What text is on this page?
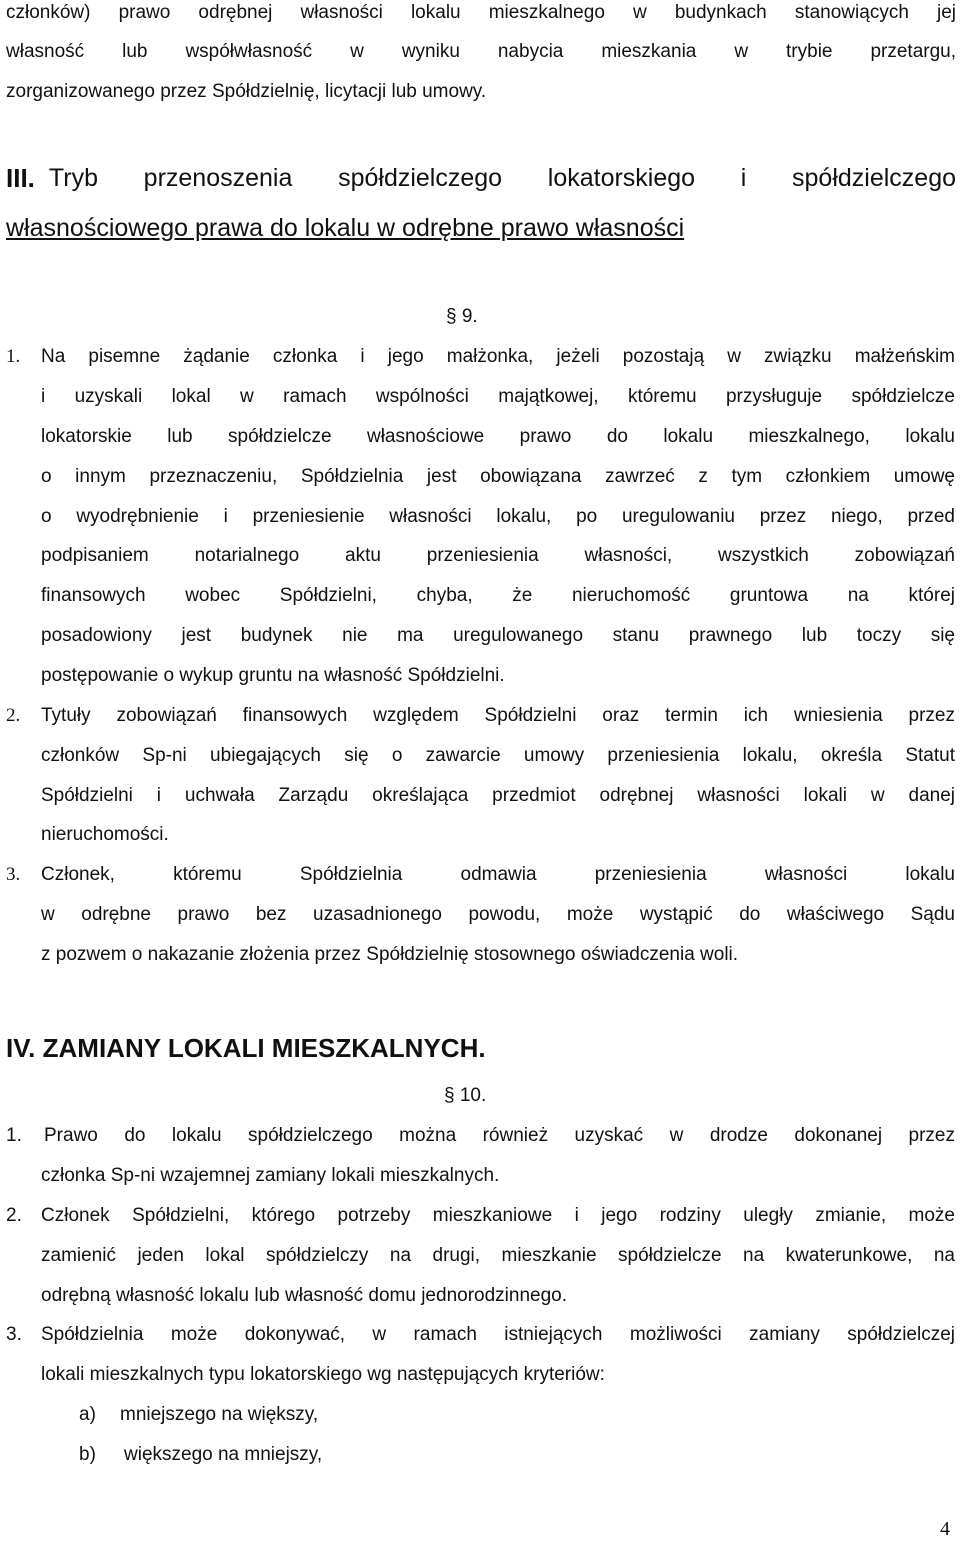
członków) prawo odrębnej własności lokalu mieszkalnego w budynkach stanowiących jej
własność lub współwłasność w wyniku nabycia mieszkania w trybie przetargu,
zorganizowanego przez Spółdzielnię, licytacji lub umowy.
III. Tryb przenoszenia spółdzielczego lokatorskiego i spółdzielczego
własnościowego prawa do lokalu w odrębne prawo własności
§ 9.
1. Na pisemne żądanie członka i jego małżonka, jeżeli pozostają w związku małżeńskim
i uzyskali lokal w ramach wspólności majątkowej, któremu przysługuje spółdzielcze
lokatorskie lub spółdzielcze własnościowe prawo do lokalu mieszkalnego, lokalu
o innym przeznaczeniu, Spółdzielnia jest obowiązana zawrzeć z tym członkiem umowę
o wyodrębnienie i przeniesienie własności lokalu, po uregulowaniu przez niego, przed
podpisaniem notarialnego aktu przeniesienia własności, wszystkich zobowiązań
finansowych wobec Spółdzielni, chyba, że nieruchomość gruntowa na której
posadowiony jest budynek nie ma uregulowanego stanu prawnego lub toczy się
postępowanie o wykup gruntu na własność Spółdzielni.
2. Tytuły zobowiązań finansowych względem Spółdzielni oraz termin ich wniesienia przez
członków Sp-ni ubiegających się o zawarcie umowy przeniesienia lokalu, określa Statut
Spółdzielni i uchwała Zarządu określająca przedmiot odrębnej własności lokali w danej
nieruchomości.
3. Członek, któremu Spółdzielnia odmawia przeniesienia własności lokalu
w odrębne prawo bez uzasadnionego powodu, może wystąpić do właściwego Sądu
z pozwem o nakazanie złożenia przez Spółdzielnię stosownego oświadczenia woli.
IV. ZAMIANY LOKALI MIESZKALNYCH.
§ 10.
1. Prawo do lokalu spółdzielczego można również uzyskać w drodze dokonanej przez
członka Sp-ni wzajemnej zamiany lokali mieszkalnych.
2. Członek Spółdzielni, którego potrzeby mieszkaniowe i jego rodziny uległy zmianie, może
zamienić jeden lokal spółdzielczy na drugi, mieszkanie spółdzielcze na kwaterunkowe, na
odrębną własność lokalu lub własność domu jednorodzinnego.
3. Spółdzielnia może dokonywać, w ramach istniejących możliwości zamiany spółdzielczej
lokali mieszkalnych typu lokatorskiego wg następujących kryteriów:
a) mniejszego na większy,
b) większego na mniejszy,
4
